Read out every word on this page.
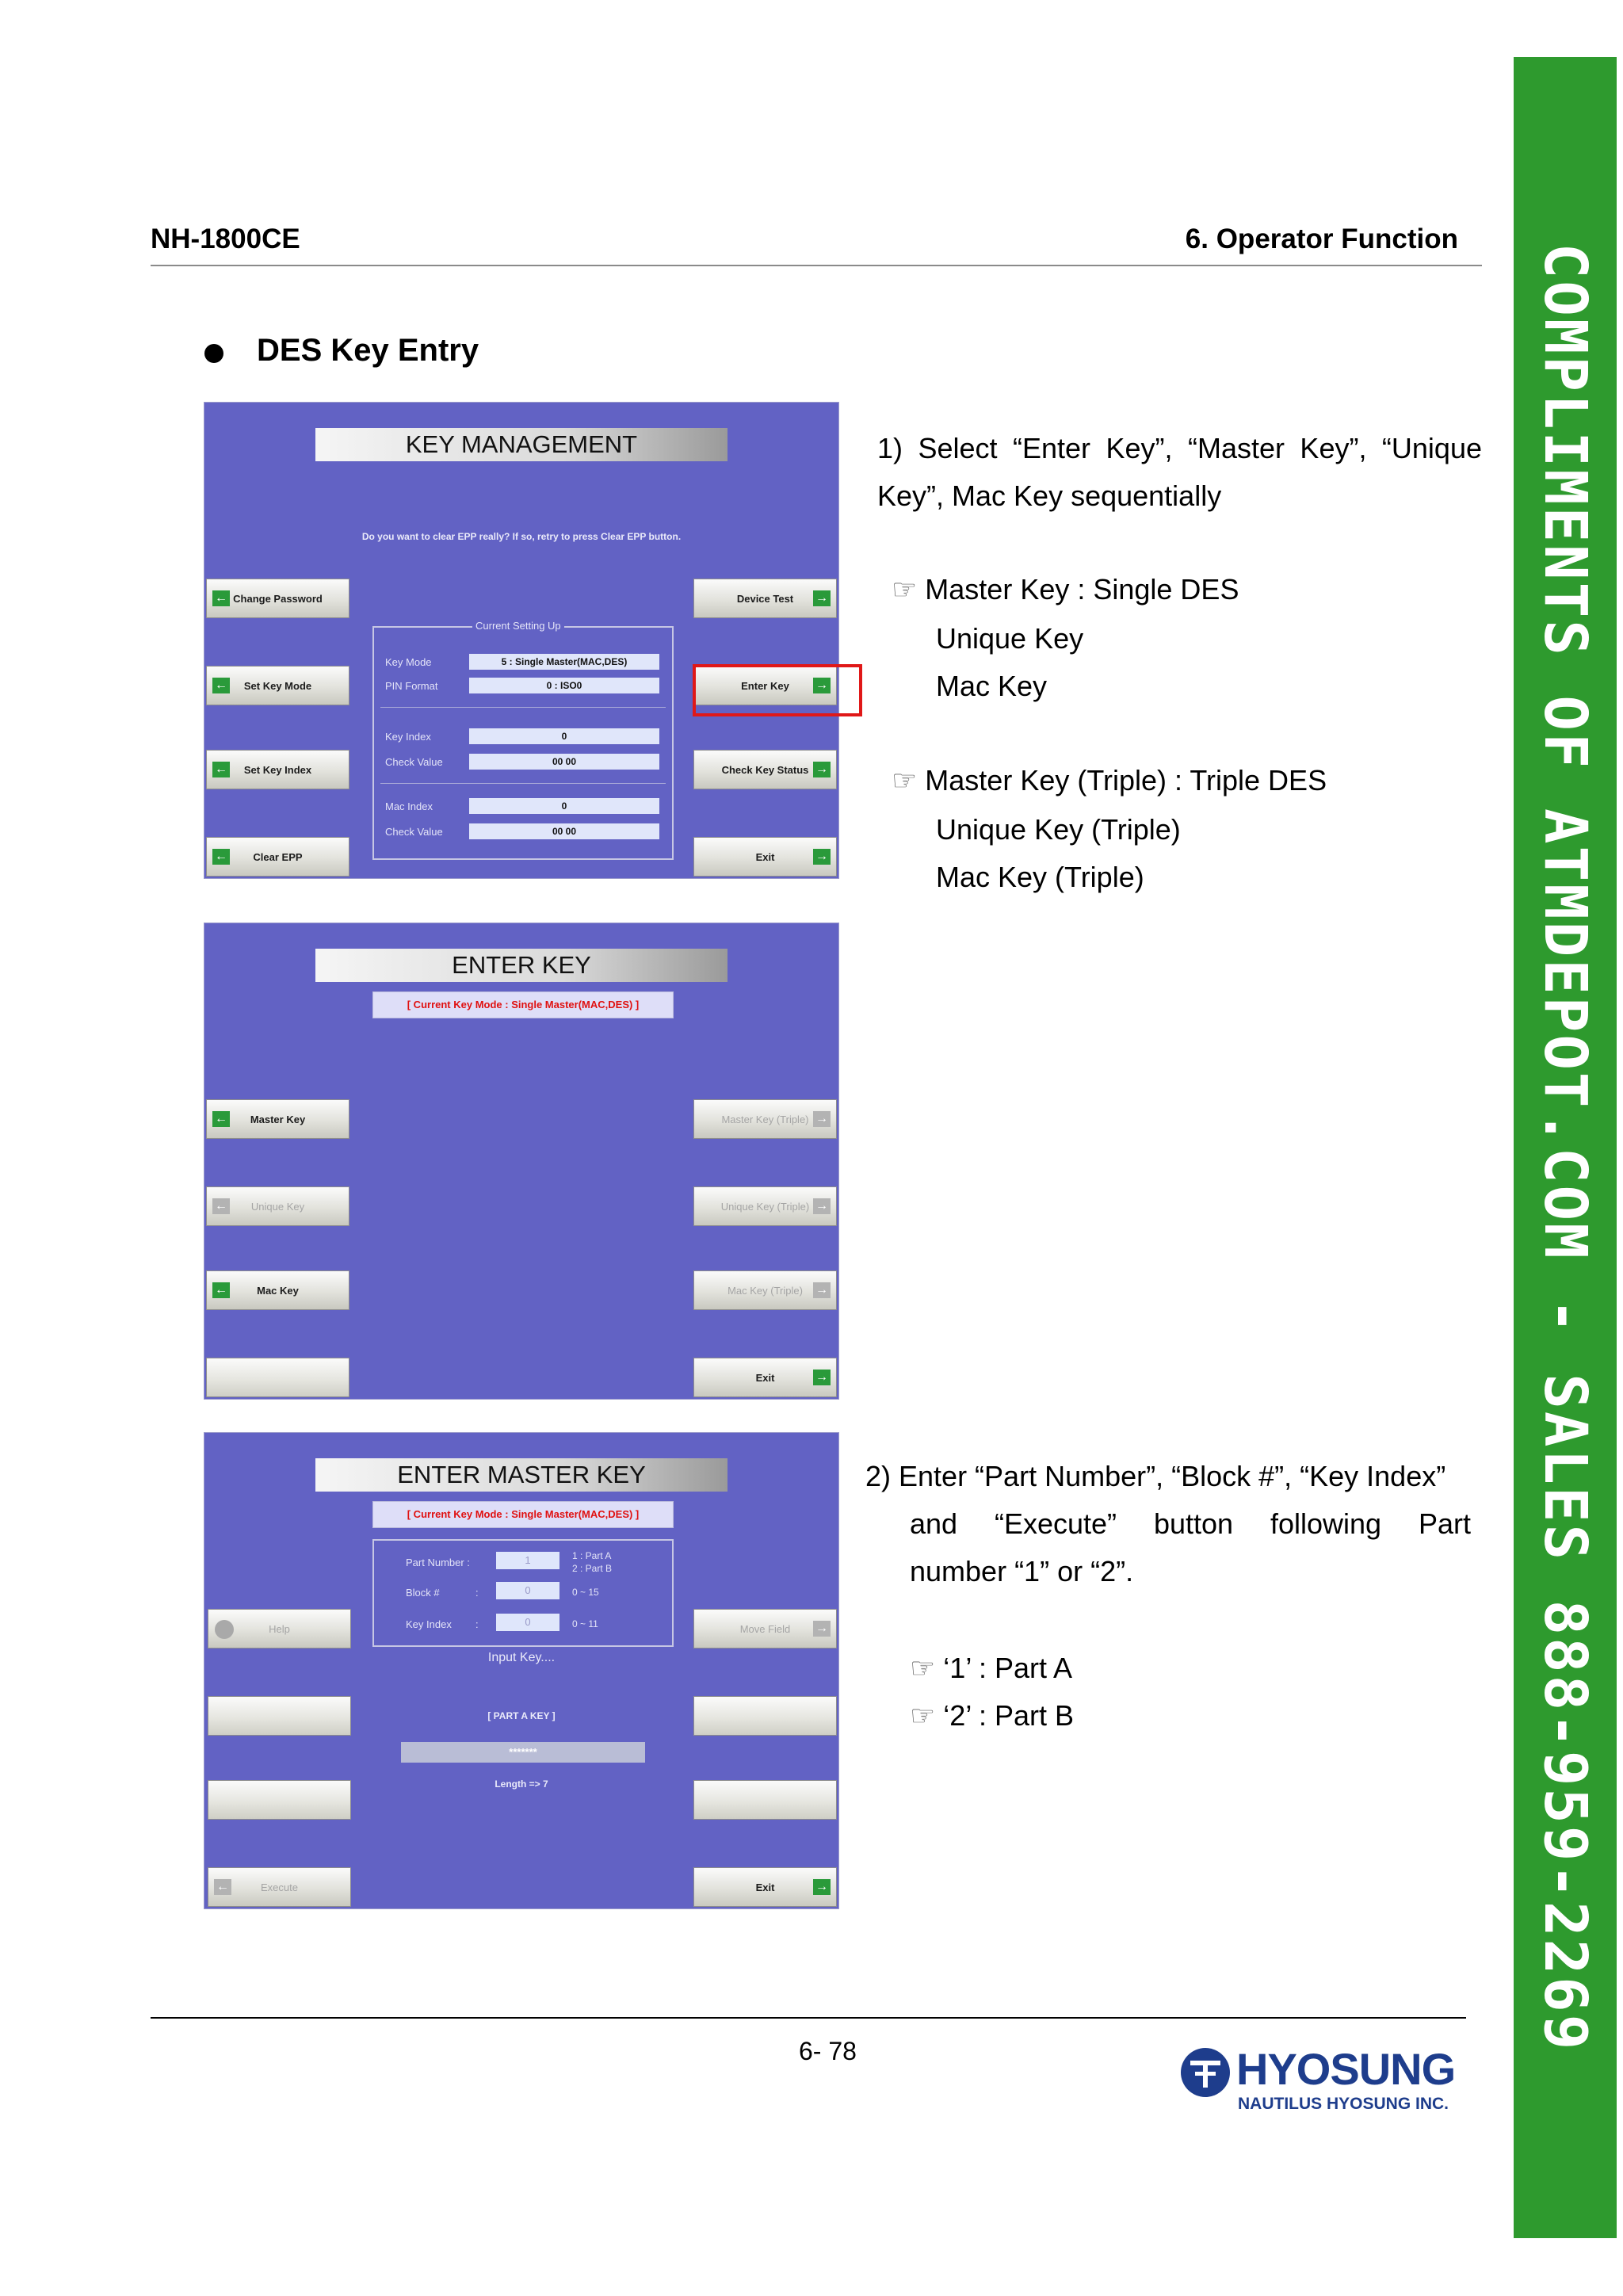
NH-1800CE	6. Operator Function
DES Key Entry
KEY MANAGEMENT
Do you want to clear EPP really? If so, retry to press Clear EPP button.
← Change Password
← Set Key Mode
← Set Key Index
← Clear EPP
Device Test →
Enter Key →
Check Key Status →
Exit	→
Current Setting Up
Key Mode	5 : Single Master(MAC,DES)
PIN Format	0 : ISO0
Key Index	0
Check Value	00 00
Mac Index	0
Check Value	00 00
ENTER KEY
[ Current Key Mode : Single Master(MAC,DES) ]
← Master Key
← Unique Key
←	Mac Key
Master Key (Triple) →
Unique Key (Triple) →
Mac Key (Triple) →
Exit	→
ENTER MASTER KEY
[ Current Key Mode : Single Master(MAC,DES) ]
Part Number :	1	1 : Part A
2 : Part B
Block #	:	0	0 ~ 15
Key Index :	0	0 ~ 11
Input Key....
[ PART A KEY ]
*******
Length => 7
Help
←	Execute
Move Field →
Exit	→
1) Select “Enter Key”, “Master Key”, “Unique
Key”, Mac Key sequentially
☞ Master Key : Single DES
Unique Key
Mac Key
☞ Master Key (Triple) : Triple DES
Unique Key (Triple)
Mac Key (Triple)
2) Enter “Part Number”, “Block #”, “Key Index”
and “Execute” button following Part
number “1” or “2”.
☞ ‘1’ : Part A
☞ ‘2’ : Part B
6- 78	HYOSUNG
NAUTILUS HYOSUNG INC.
COMPLIMENTS OF ATMDEPOT.COM - SALES 888-959-2269
